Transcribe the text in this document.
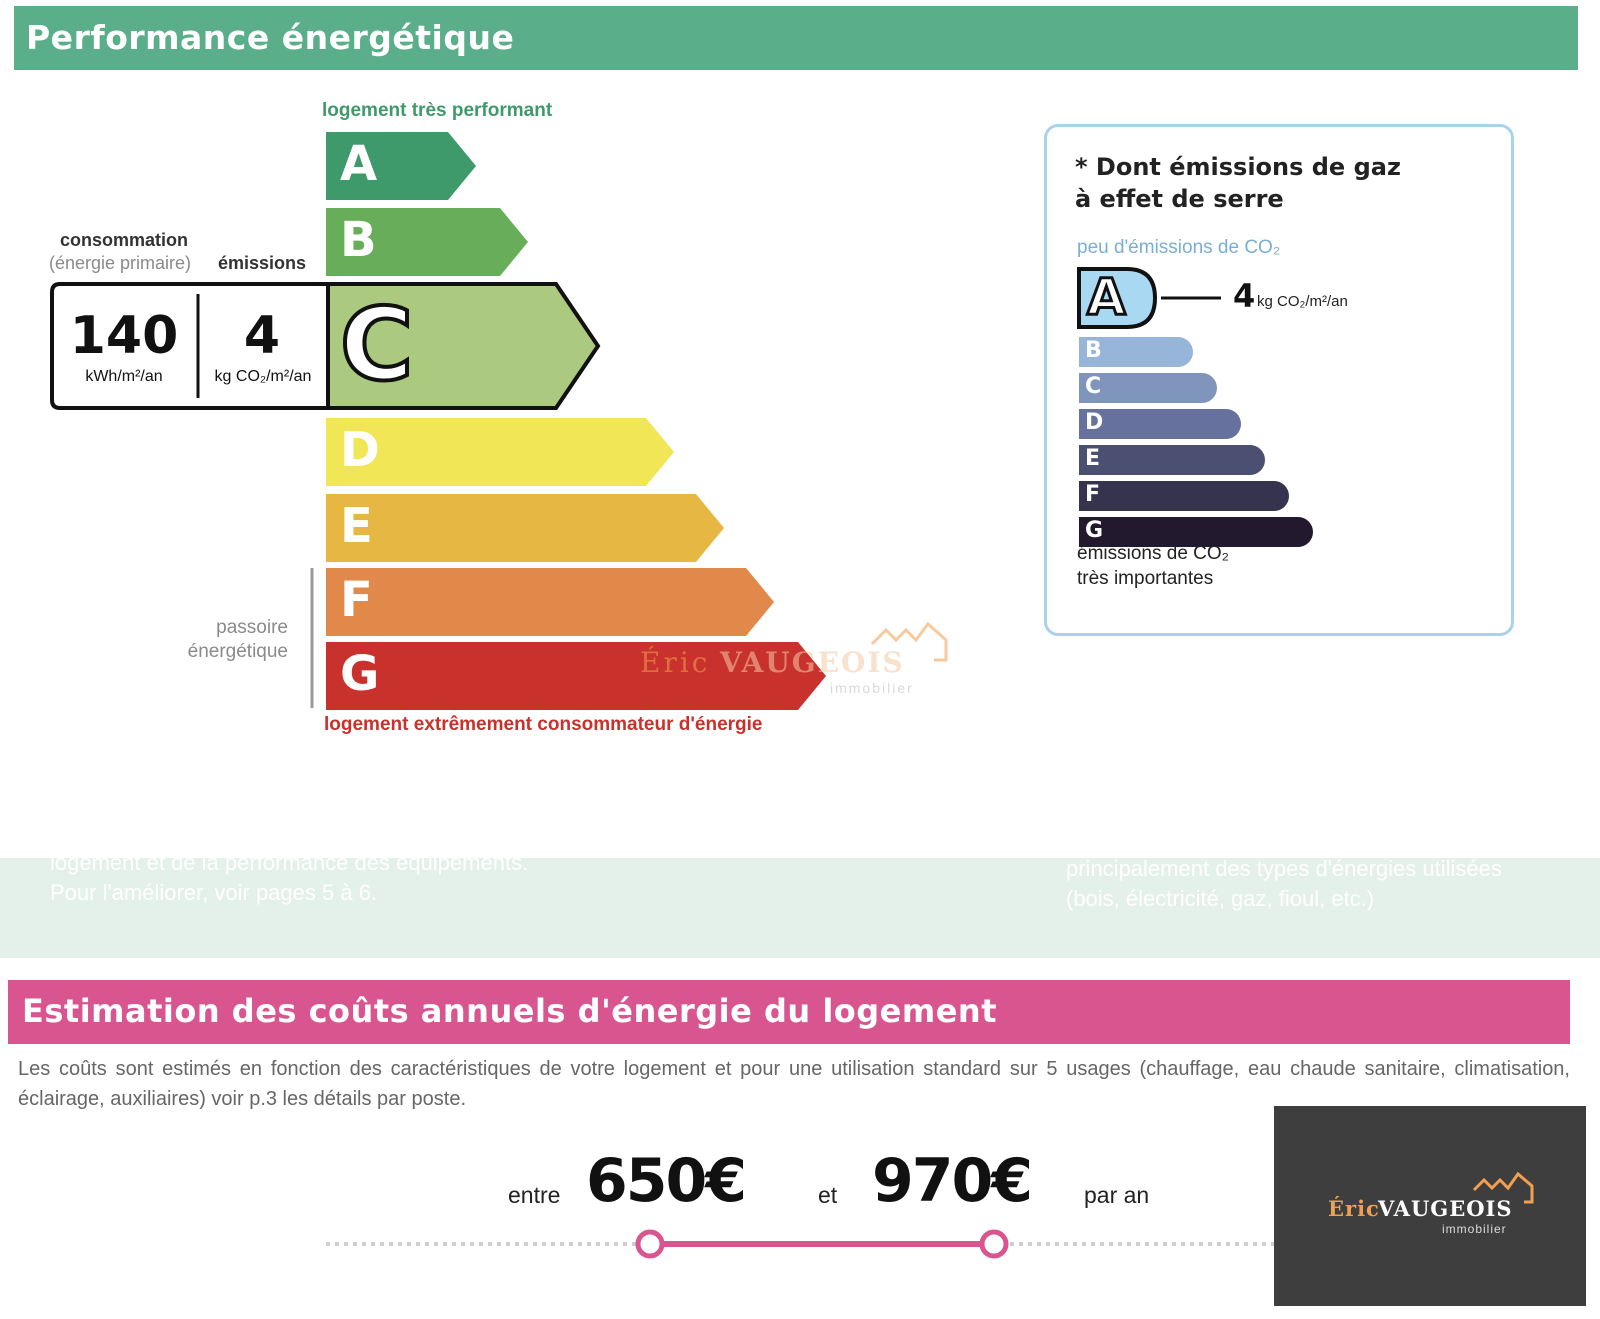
Performance énergétique
logement très performant
A
B
C
D
E
F
G
consommation
(énergie primaire) émissions
140
kWh/m²/an
4
kg CO₂/m²/an
passoire
énergétique
logement extrêmement consommateur d'énergie
Éric VAUGEOIS
immobilier
* Dont émissions de gaz
à effet de serre
peu d'émissions de CO₂
A	4 kg CO₂/m²/an
B
C
D
E
F
G
émissions de CO₂
très importantes
logement et de la performance des équipements.
Pour l'améliorer, voir pages 5 à 6.
principalement des types d'énergies utilisées
(bois, électricité, gaz, fioul, etc.)
Estimation des coûts annuels d'énergie du logement
Les coûts sont estimés en fonction des caractéristiques de votre logement et pour une utilisation standard sur 5 usages (chauffage, eau chaude sanitaire, climatisation, éclairage, auxiliaires) voir p.3 les détails par poste.
entre 650€	et 970€ par an
Éric
VAUGEOIS
immobilier
